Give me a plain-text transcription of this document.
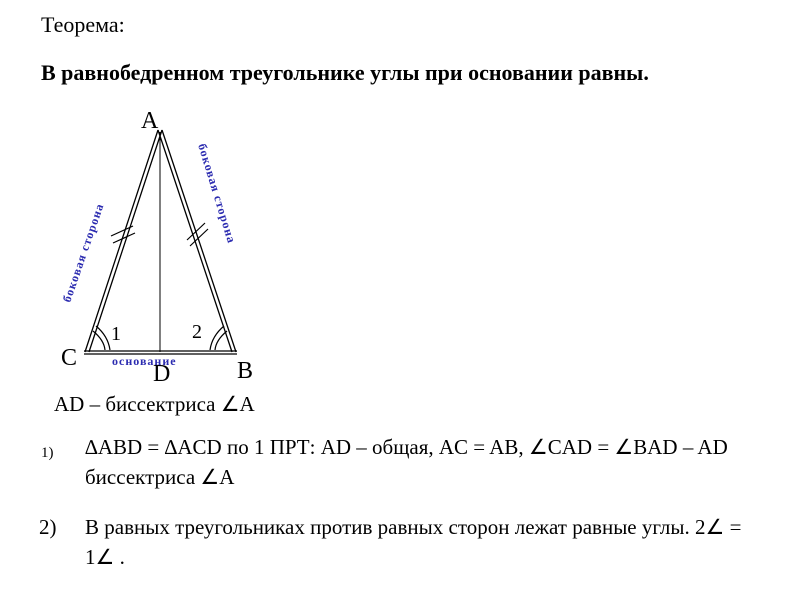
Теорема:
В равнобедренном треугольнике углы при основании равны.
A
C	B
D
1	2
боковая сторона
боковая сторона
основание
AD – биссектриса ∠A
1) ∆ABD = ∆ACD по 1 ПРТ: AD – общая, AC = AB, ∠CAD = ∠BAD – AD биссектриса ∠A
2) В равных треугольниках против равных сторон лежат равные углы. 2∠ = 1∠ .
